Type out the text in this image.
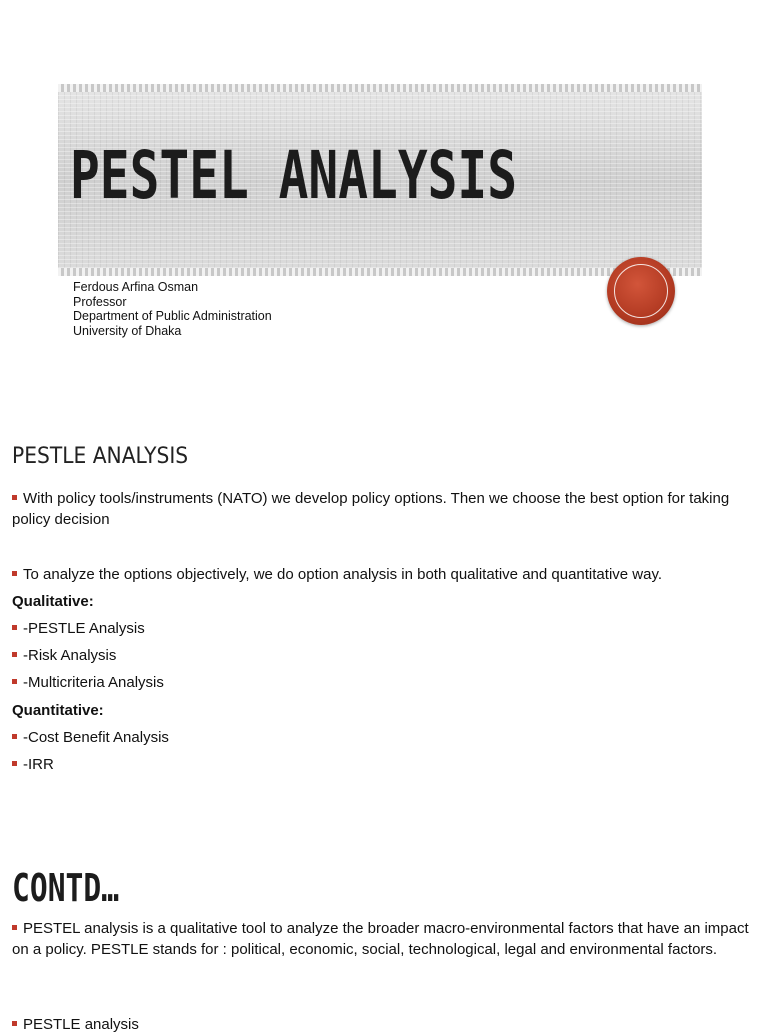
PESTEL ANALYSIS
Ferdous Arfina Osman
Professor
Department of Public Administration
University of Dhaka
PESTLE ANALYSIS
With policy tools/instruments (NATO) we develop policy options. Then we choose the best option for taking policy decision
To analyze the options objectively, we do option analysis in both qualitative and quantitative way.
Qualitative:
-PESTLE Analysis
-Risk Analysis
-Multicriteria Analysis
Quantitative:
-Cost Benefit Analysis
-IRR
CONTD…
PESTEL analysis is a qualitative tool to analyze the broader macro-environmental factors that have an impact on a policy. PESTLE stands for : political, economic, social, technological, legal and environmental factors.
PESTLE analysis
